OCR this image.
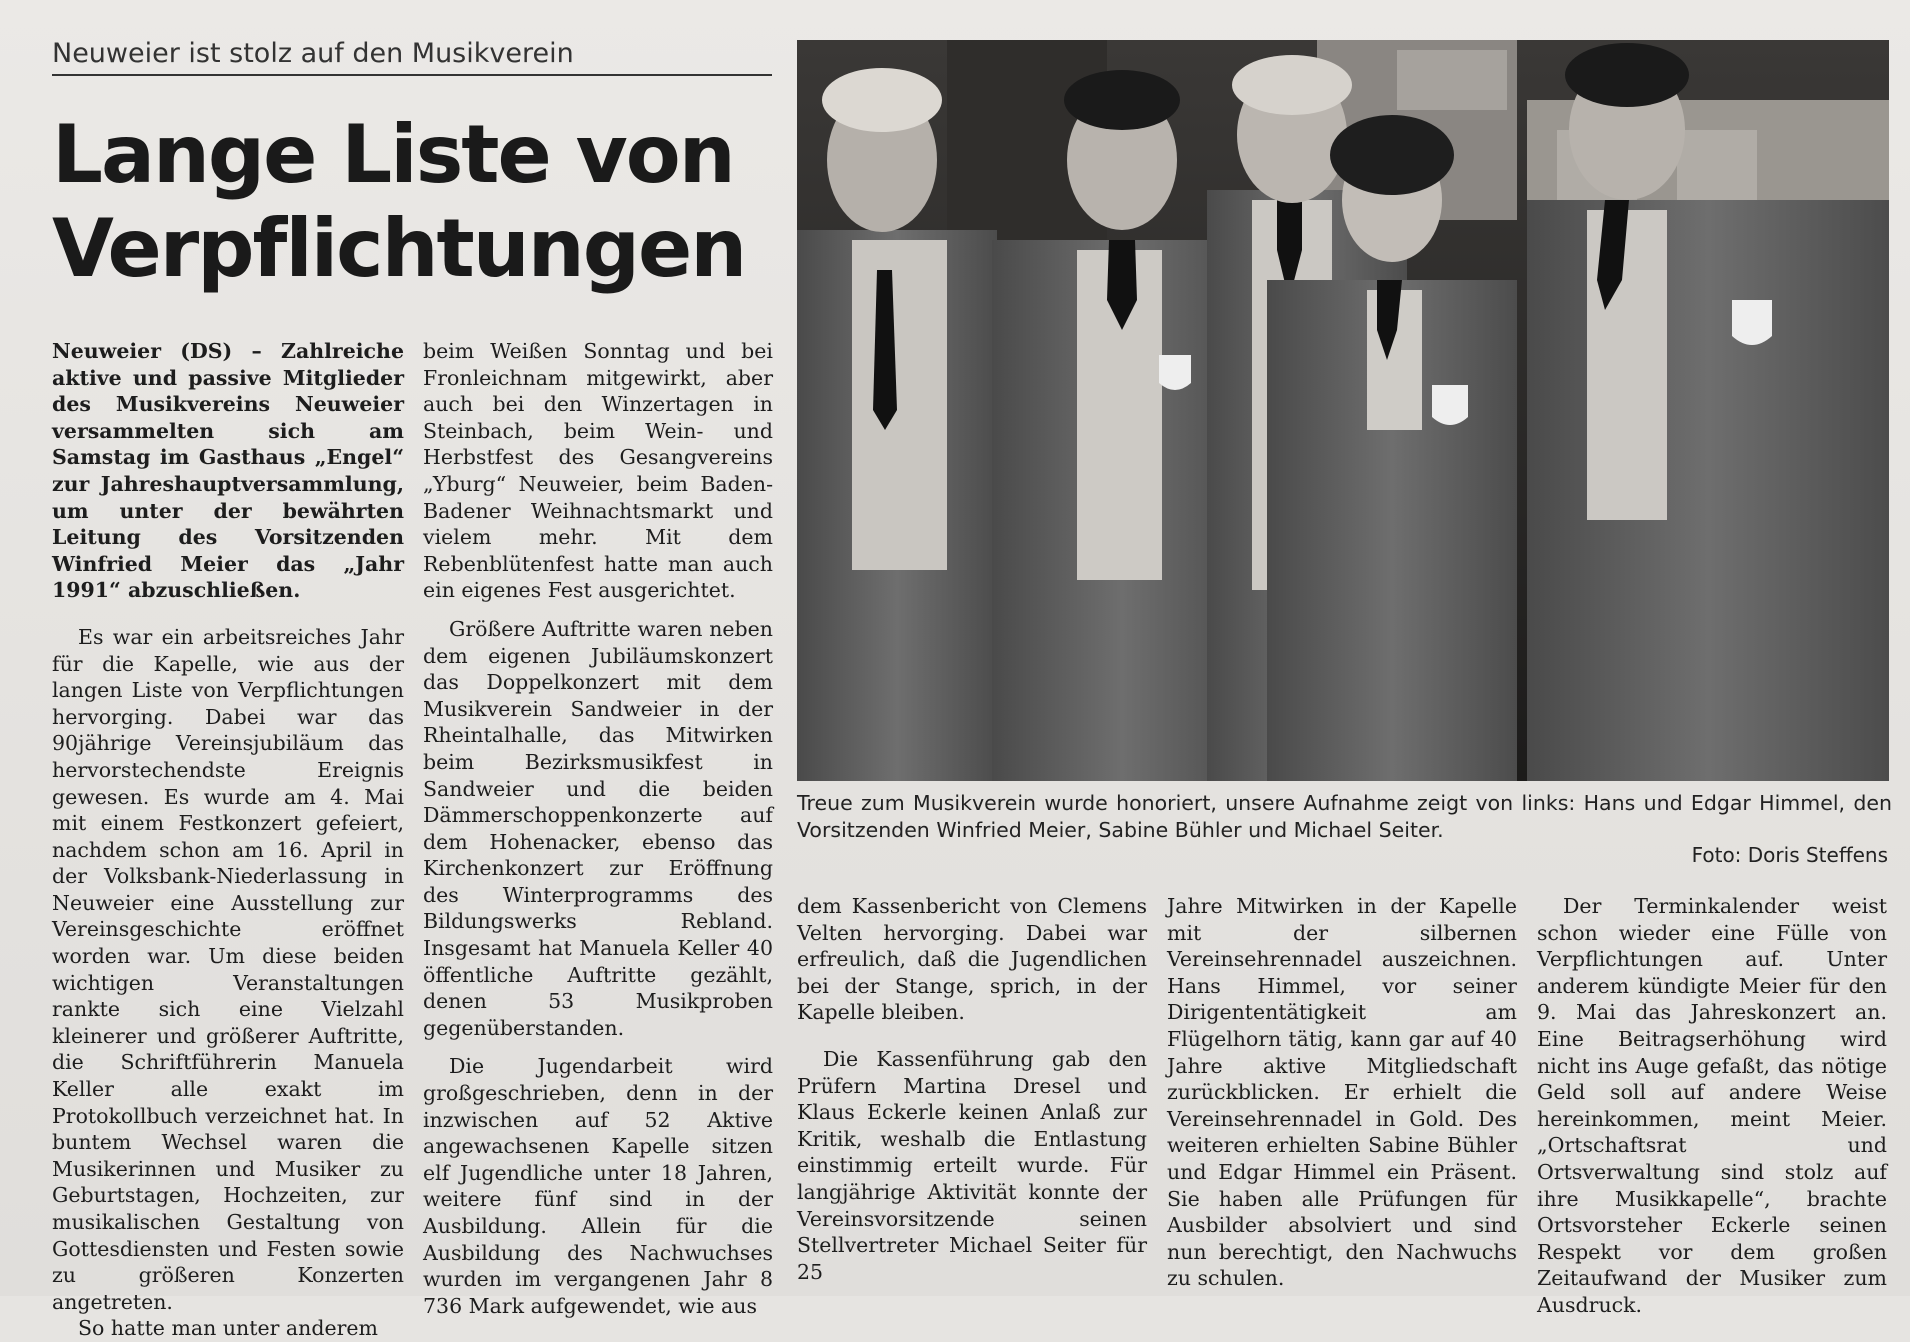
Neuweier ist stolz auf den Musikverein
Lange Liste von Verpflichtungen

Neuweier (DS) – Zahlreiche aktive und passive Mitglieder des Musikvereins Neuweier versammelten sich am Samstag im Gasthaus „Engel“ zur Jahreshauptversammlung, um unter der bewährten Leitung des Vorsitzenden Winfried Meier das „Jahr 1991“ abzuschließen.

Es war ein arbeitsreiches Jahr für die Kapelle, wie aus der langen Liste von Verpflichtungen hervorging. Dabei war das 90jährige Vereinsjubiläum das hervorstechendste Ereignis gewesen. Es wurde am 4. Mai mit einem Festkonzert gefeiert, nachdem schon am 16. April in der Volksbank-Niederlassung in Neuweier eine Ausstellung zur Vereinsgeschichte eröffnet worden war. Um diese beiden wichtigen Veranstaltungen rankte sich eine Vielzahl kleinerer und größerer Auftritte, die Schriftführerin Manuela Keller alle exakt im Protokollbuch verzeichnet hat. In buntem Wechsel waren die Musikerinnen und Musiker zu Geburtstagen, Hochzeiten, zur musikalischen Gestaltung von Gottesdiensten und Festen sowie zu größeren Konzerten angetreten.

So hatte man unter anderem

beim Weißen Sonntag und bei Fronleichnam mitgewirkt, aber auch bei den Winzertagen in Steinbach, beim Wein- und Herbstfest des Gesangvereins „Yburg“ Neuweier, beim Baden-Badener Weihnachtsmarkt und vielem mehr. Mit dem Rebenblütenfest hatte man auch ein eigenes Fest ausgerichtet.

Größere Auftritte waren neben dem eigenen Jubiläumskonzert das Doppelkonzert mit dem Musikverein Sandweier in der Rheintalhalle, das Mitwirken beim Bezirksmusikfest in Sandweier und die beiden Dämmerschoppenkonzerte auf dem Hohenacker, ebenso das Kirchenkonzert zur Eröffnung des Winterprogramms des Bildungswerks Rebland. Insgesamt hat Manuela Keller 40 öffentliche Auftritte gezählt, denen 53 Musikproben gegenüberstanden.

Die Jugendarbeit wird großgeschrieben, denn in der inzwischen auf 52 Aktive angewachsenen Kapelle sitzen elf Jugendliche unter 18 Jahren, weitere fünf sind in der Ausbildung. Allein für die Ausbildung des Nachwuchses wurden im vergangenen Jahr 8 736 Mark aufgewendet, wie aus

Treue zum Musikverein wurde honoriert, unsere Aufnahme zeigt von links: Hans und Edgar Himmel, den Vorsitzenden Winfried Meier, Sabine Bühler und Michael Seiter.
Foto: Doris Steffens

dem Kassenbericht von Clemens Velten hervorging. Dabei war erfreulich, daß die Jugendlichen bei der Stange, sprich, in der Kapelle bleiben.

Die Kassenführung gab den Prüfern Martina Dresel und Klaus Eckerle keinen Anlaß zur Kritik, weshalb die Entlastung einstimmig erteilt wurde. Für langjährige Aktivität konnte der Vereinsvorsitzende seinen Stellvertreter Michael Seiter für 25

Jahre Mitwirken in der Kapelle mit der silbernen Vereinsehrennadel auszeichnen. Hans Himmel, vor seiner Dirigententätigkeit am Flügelhorn tätig, kann gar auf 40 Jahre aktive Mitgliedschaft zurückblicken. Er erhielt die Vereinsehrennadel in Gold. Des weiteren erhielten Sabine Bühler und Edgar Himmel ein Präsent. Sie haben alle Prüfungen für Ausbilder absolviert und sind nun berechtigt, den Nachwuchs zu schulen.

Der Terminkalender weist schon wieder eine Fülle von Verpflichtungen auf. Unter anderem kündigte Meier für den 9. Mai das Jahreskonzert an. Eine Beitragserhöhung wird nicht ins Auge gefaßt, das nötige Geld soll auf andere Weise hereinkommen, meint Meier. „Ortschaftsrat und Ortsverwaltung sind stolz auf ihre Musikkapelle“, brachte Ortsvorsteher Eckerle seinen Respekt vor dem großen Zeitaufwand der Musiker zum Ausdruck.
